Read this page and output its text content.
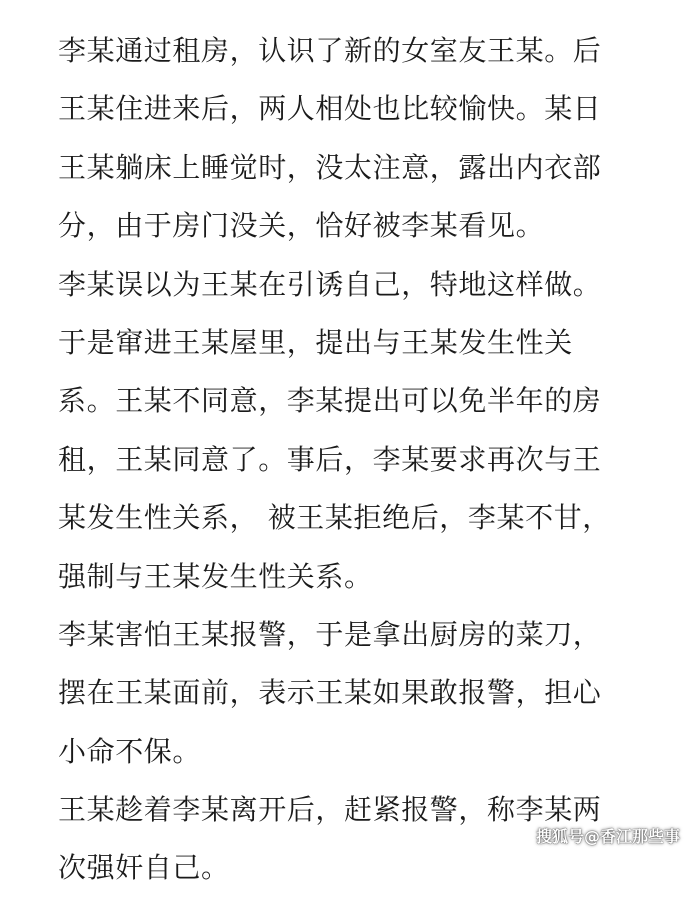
李某通过租房，认识了新的女室友王某。后
王某住进来后，两人相处也比较愉快。某日
王某躺床上睡觉时，没太注意，露出内衣部
分，由于房门没关，恰好被李某看见。
李某误以为王某在引诱自己，特地这样做。
于是窜进王某屋里，提出与王某发生性关
系。王某不同意，李某提出可以免半年的房
租，王某同意了。事后，李某要求再次与王
某发生性关系， 被王某拒绝后，李某不甘，
强制与王某发生性关系。
李某害怕王某报警，于是拿出厨房的菜刀，
摆在王某面前，表示王某如果敢报警，担心
小命不保。
王某趁着李某离开后，赶紧报警，称李某两
次强奸自己。
搜狐号@香江那些事
